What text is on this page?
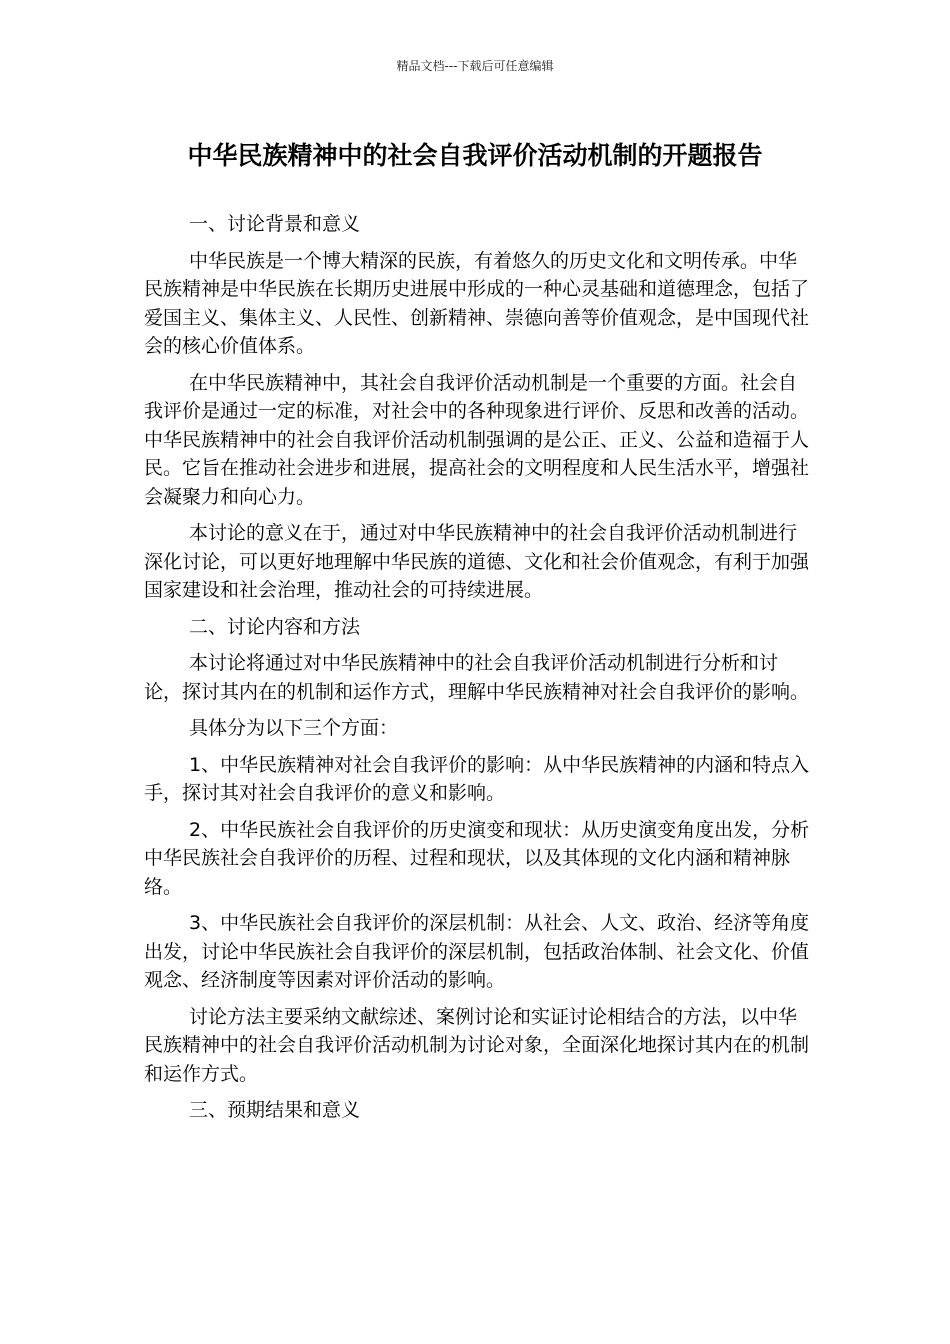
精品文档---下载后可任意编辑
中华民族精神中的社会自我评价活动机制的开题报告

一、讨论背景和意义

中华民族是一个博大精深的民族，有着悠久的历史文化和文明传承。中华民族精神是中华民族在长期历史进展中形成的一种心灵基础和道德理念，包括了爱国主义、集体主义、人民性、创新精神、崇德向善等价值观念，是中国现代社会的核心价值体系。

在中华民族精神中，其社会自我评价活动机制是一个重要的方面。社会自我评价是通过一定的标准，对社会中的各种现象进行评价、反思和改善的活动。中华民族精神中的社会自我评价活动机制强调的是公正、正义、公益和造福于人民。它旨在推动社会进步和进展，提高社会的文明程度和人民生活水平，增强社会凝聚力和向心力。

本讨论的意义在于，通过对中华民族精神中的社会自我评价活动机制进行深化讨论，可以更好地理解中华民族的道德、文化和社会价值观念，有利于加强国家建设和社会治理，推动社会的可持续进展。

二、讨论内容和方法

本讨论将通过对中华民族精神中的社会自我评价活动机制进行分析和讨论，探讨其内在的机制和运作方式，理解中华民族精神对社会自我评价的影响。

具体分为以下三个方面：

1、中华民族精神对社会自我评价的影响：从中华民族精神的内涵和特点入手，探讨其对社会自我评价的意义和影响。

2、中华民族社会自我评价的历史演变和现状：从历史演变角度出发，分析中华民族社会自我评价的历程、过程和现状，以及其体现的文化内涵和精神脉络。

3、中华民族社会自我评价的深层机制：从社会、人文、政治、经济等角度出发，讨论中华民族社会自我评价的深层机制，包括政治体制、社会文化、价值观念、经济制度等因素对评价活动的影响。

讨论方法主要采纳文献综述、案例讨论和实证讨论相结合的方法，以中华民族精神中的社会自我评价活动机制为讨论对象，全面深化地探讨其内在的机制和运作方式。

三、预期结果和意义
